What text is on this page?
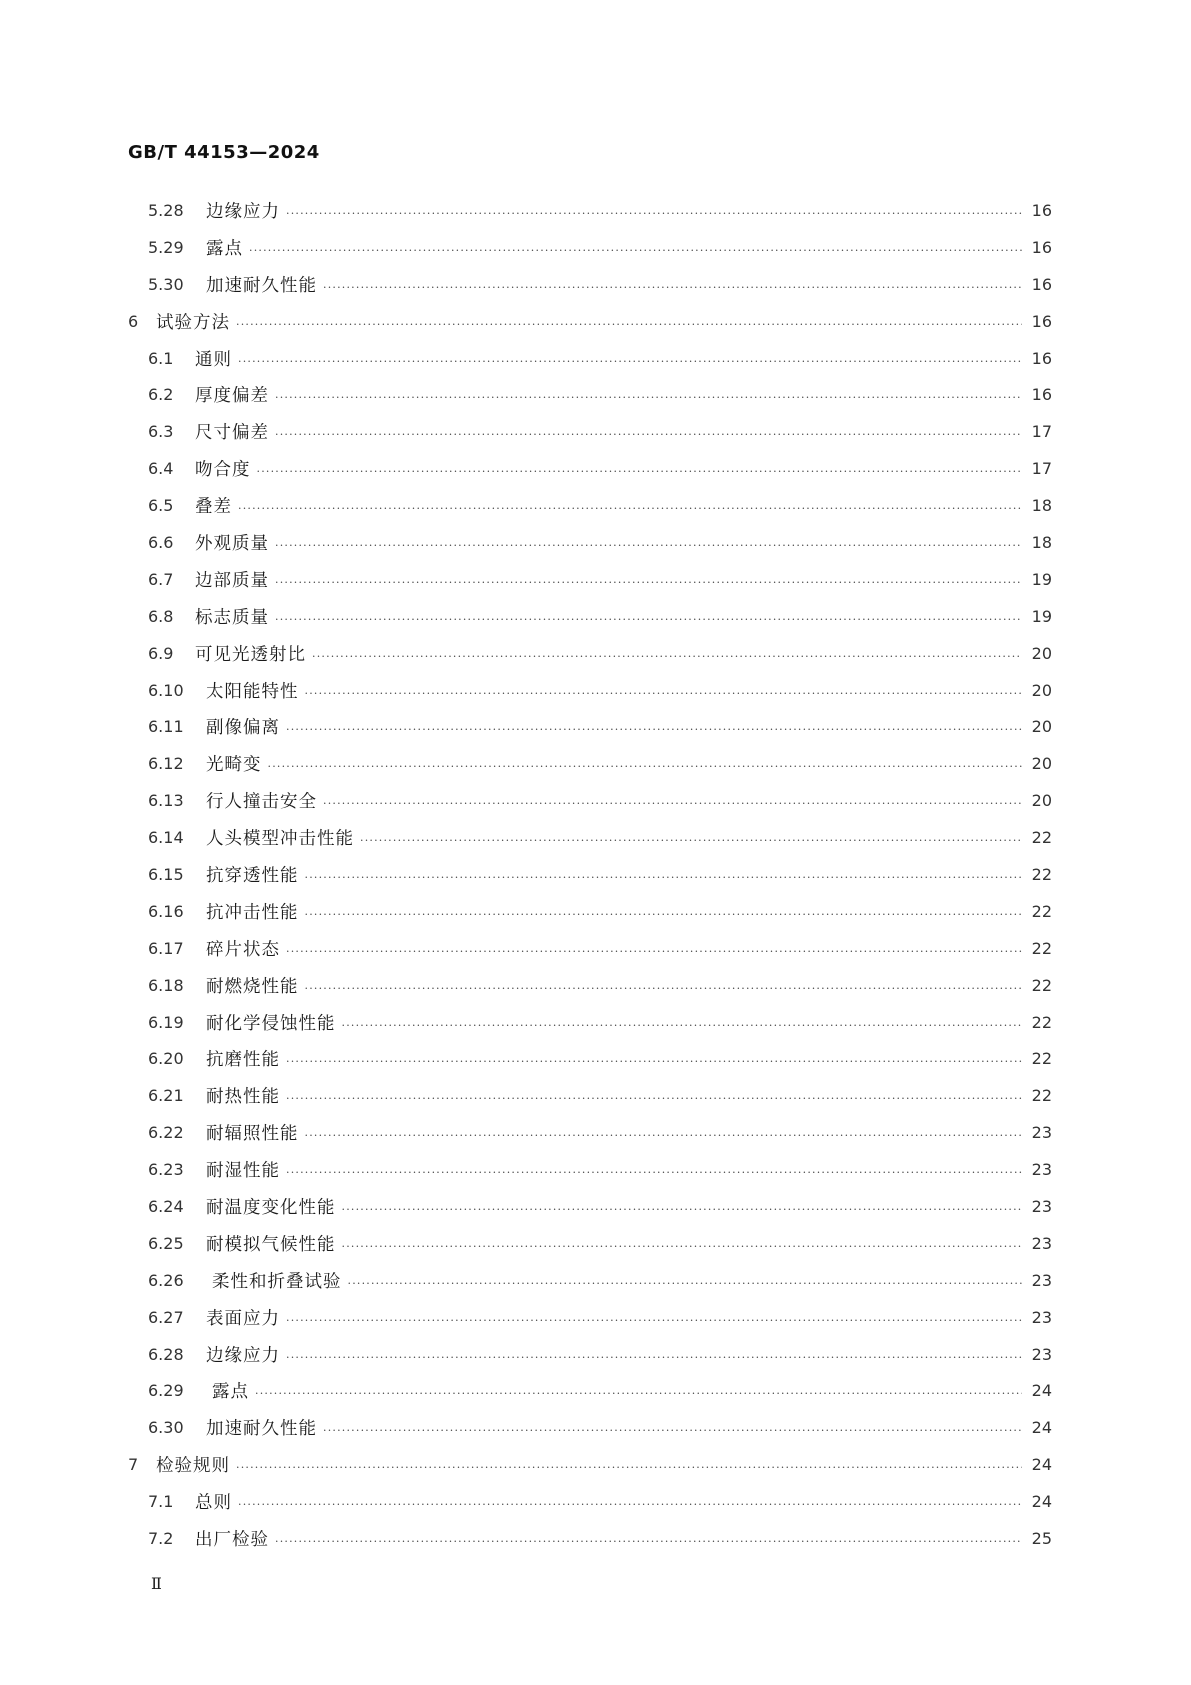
GB/T 44153—2024
5.28	边缘应力 ·····	16
5.29	露点 ·····	16
5.30	加速耐久性能 ·····	16
6	试验方法 ·····	16
6.1	通则 ·····	16
6.2	厚度偏差 ·····	16
6.3	尺寸偏差 ·····	17
6.4	吻合度 ·····	17
6.5	叠差 ·····	18
6.6	外观质量 ·····	18
6.7	边部质量 ·····	19
6.8	标志质量 ·····	19
6.9	可见光透射比 ·····	20
6.10	太阳能特性 ·····	20
6.11	副像偏离 ·····	20
6.12	光畸变 ·····	20
6.13	行人撞击安全 ·····	20
6.14	人头模型冲击性能 ·····	22
6.15	抗穿透性能 ·····	22
6.16	抗冲击性能 ·····	22
6.17	碎片状态 ·····	22
6.18	耐燃烧性能 ·····	22
6.19	耐化学侵蚀性能 ·····	22
6.20	抗磨性能 ·····	22
6.21	耐热性能 ·····	22
6.22	耐辐照性能 ·····	23
6.23	耐湿性能 ·····	23
6.24	耐温度变化性能 ·····	23
6.25	耐模拟气候性能 ·····	23
6.26	柔性和折叠试验 ·····	23
6.27	表面应力 ·····	23
6.28	边缘应力 ·····	23
6.29	露点 ·····	24
6.30	加速耐久性能 ·····	24
7	检验规则 ·····	24
7.1	总则 ·····	24
7.2	出厂检验 ·····	25
Ⅱ
